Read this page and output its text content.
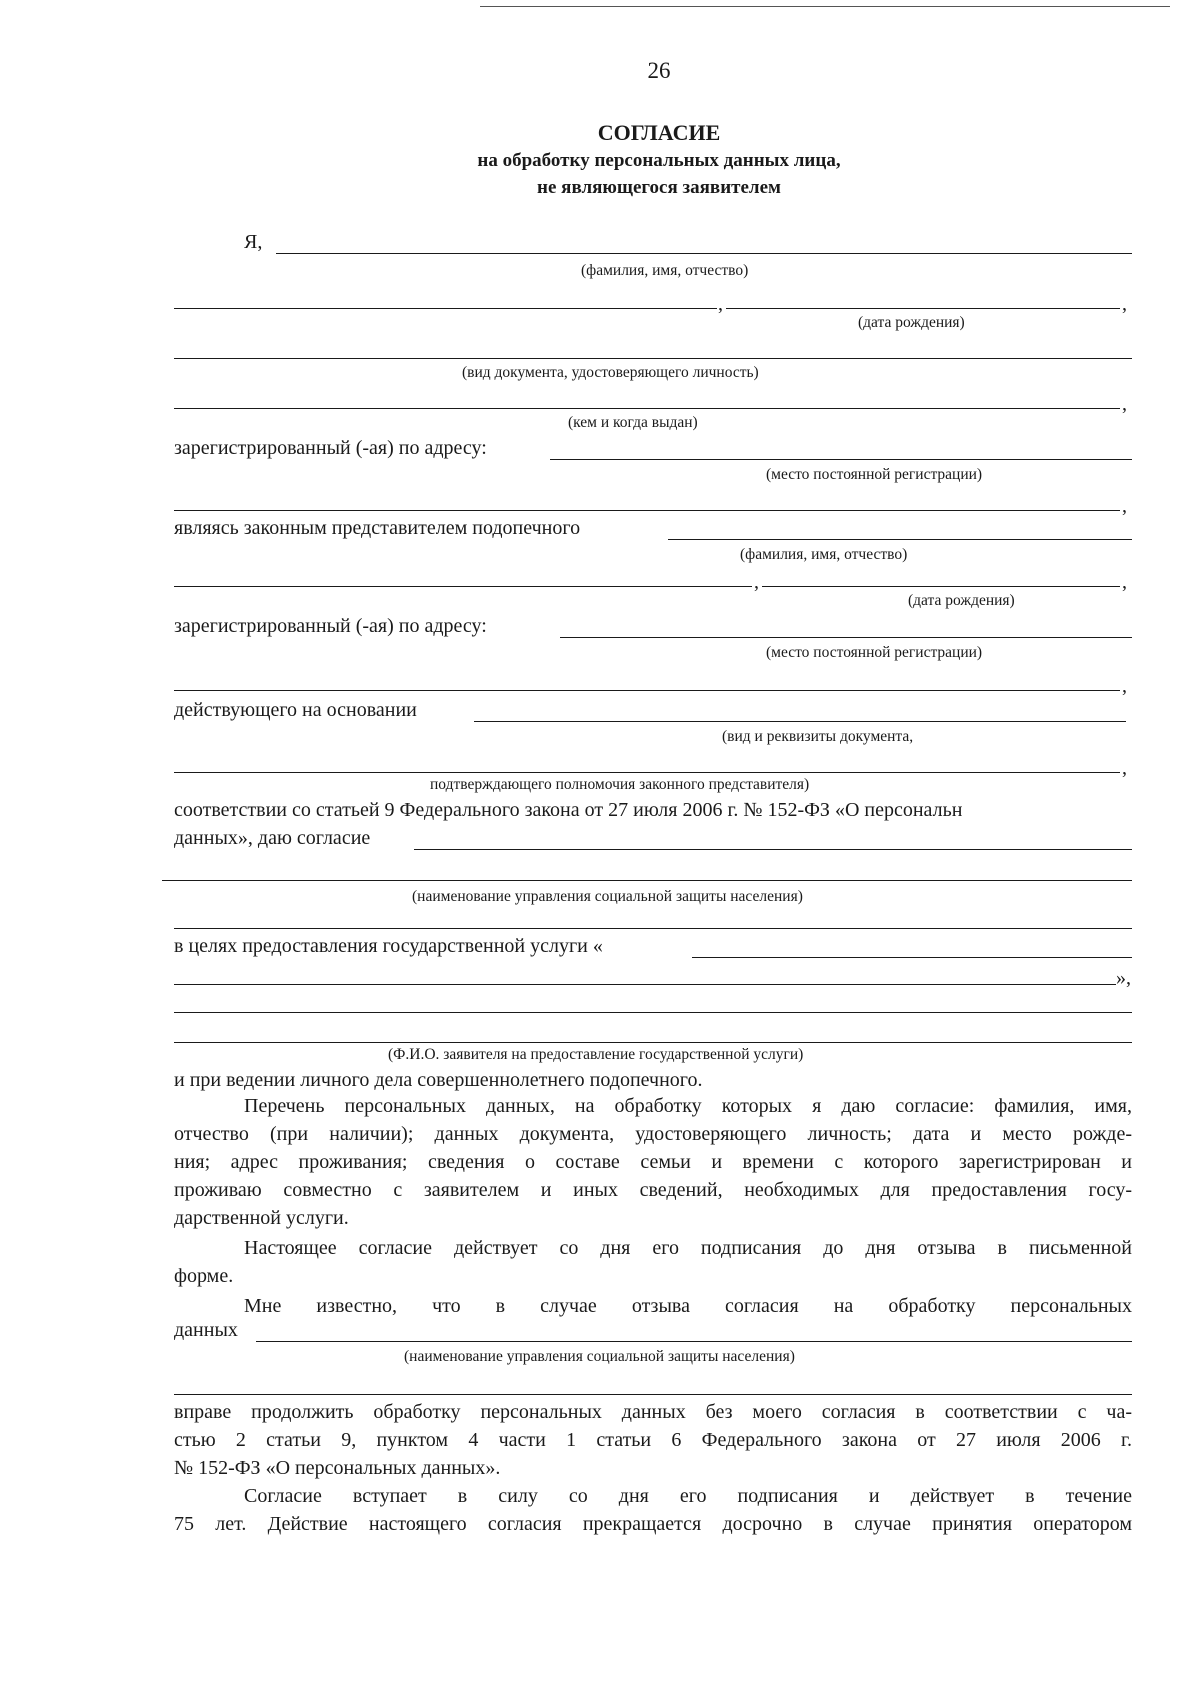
26
СОГЛАСИЕ
на обработку персональных данных лица,
не являющегося заявителем
Я,
(фамилия, имя, отчество)
,	,
(дата рождения)
(вид документа, удостоверяющего личность)
,
(кем и когда выдан)
зарегистрированный (-ая) по адресу:
(место постоянной регистрации)
,
являясь законным представителем подопечного
(фамилия, имя, отчество)
,	,
(дата рождения)
зарегистрированный (-ая) по адресу:
(место постоянной регистрации)
,
действующего на основании
(вид и реквизиты документа,
,
подтверждающего полномочия законного представителя)
соответствии со статьей 9 Федерального закона от 27 июля 2006 г. № 152-ФЗ «О персональн
данных», даю согласие
(наименование управления социальной защиты населения)
в целях предоставления государственной услуги «
»,
(Ф.И.О. заявителя на предоставление государственной услуги)
и при ведении личного дела совершеннолетнего подопечного.
Перечень персональных данных, на обработку которых я даю согласие: фамилия, имя,
отчество (при наличии); данных документа, удостоверяющего личность; дата и место рожде-
ния; адрес проживания; сведения о составе семьи и времени с которого зарегистрирован и
проживаю совместно с заявителем и иных сведений, необходимых для предоставления госу-
дарственной услуги.
Настоящее согласие действует со дня его подписания до дня отзыва в письменной
форме.
Мне известно, что в случае отзыва согласия на обработку персональных
данных
(наименование управления социальной защиты населения)
вправе продолжить обработку персональных данных без моего согласия в соответствии с ча-
стью 2 статьи 9, пунктом 4 части 1 статьи 6 Федерального закона от 27 июля 2006 г.
№ 152-ФЗ «О персональных данных».
Согласие вступает в силу со дня его подписания и действует в течение
75 лет. Действие настоящего согласия прекращается досрочно в случае принятия оператором
